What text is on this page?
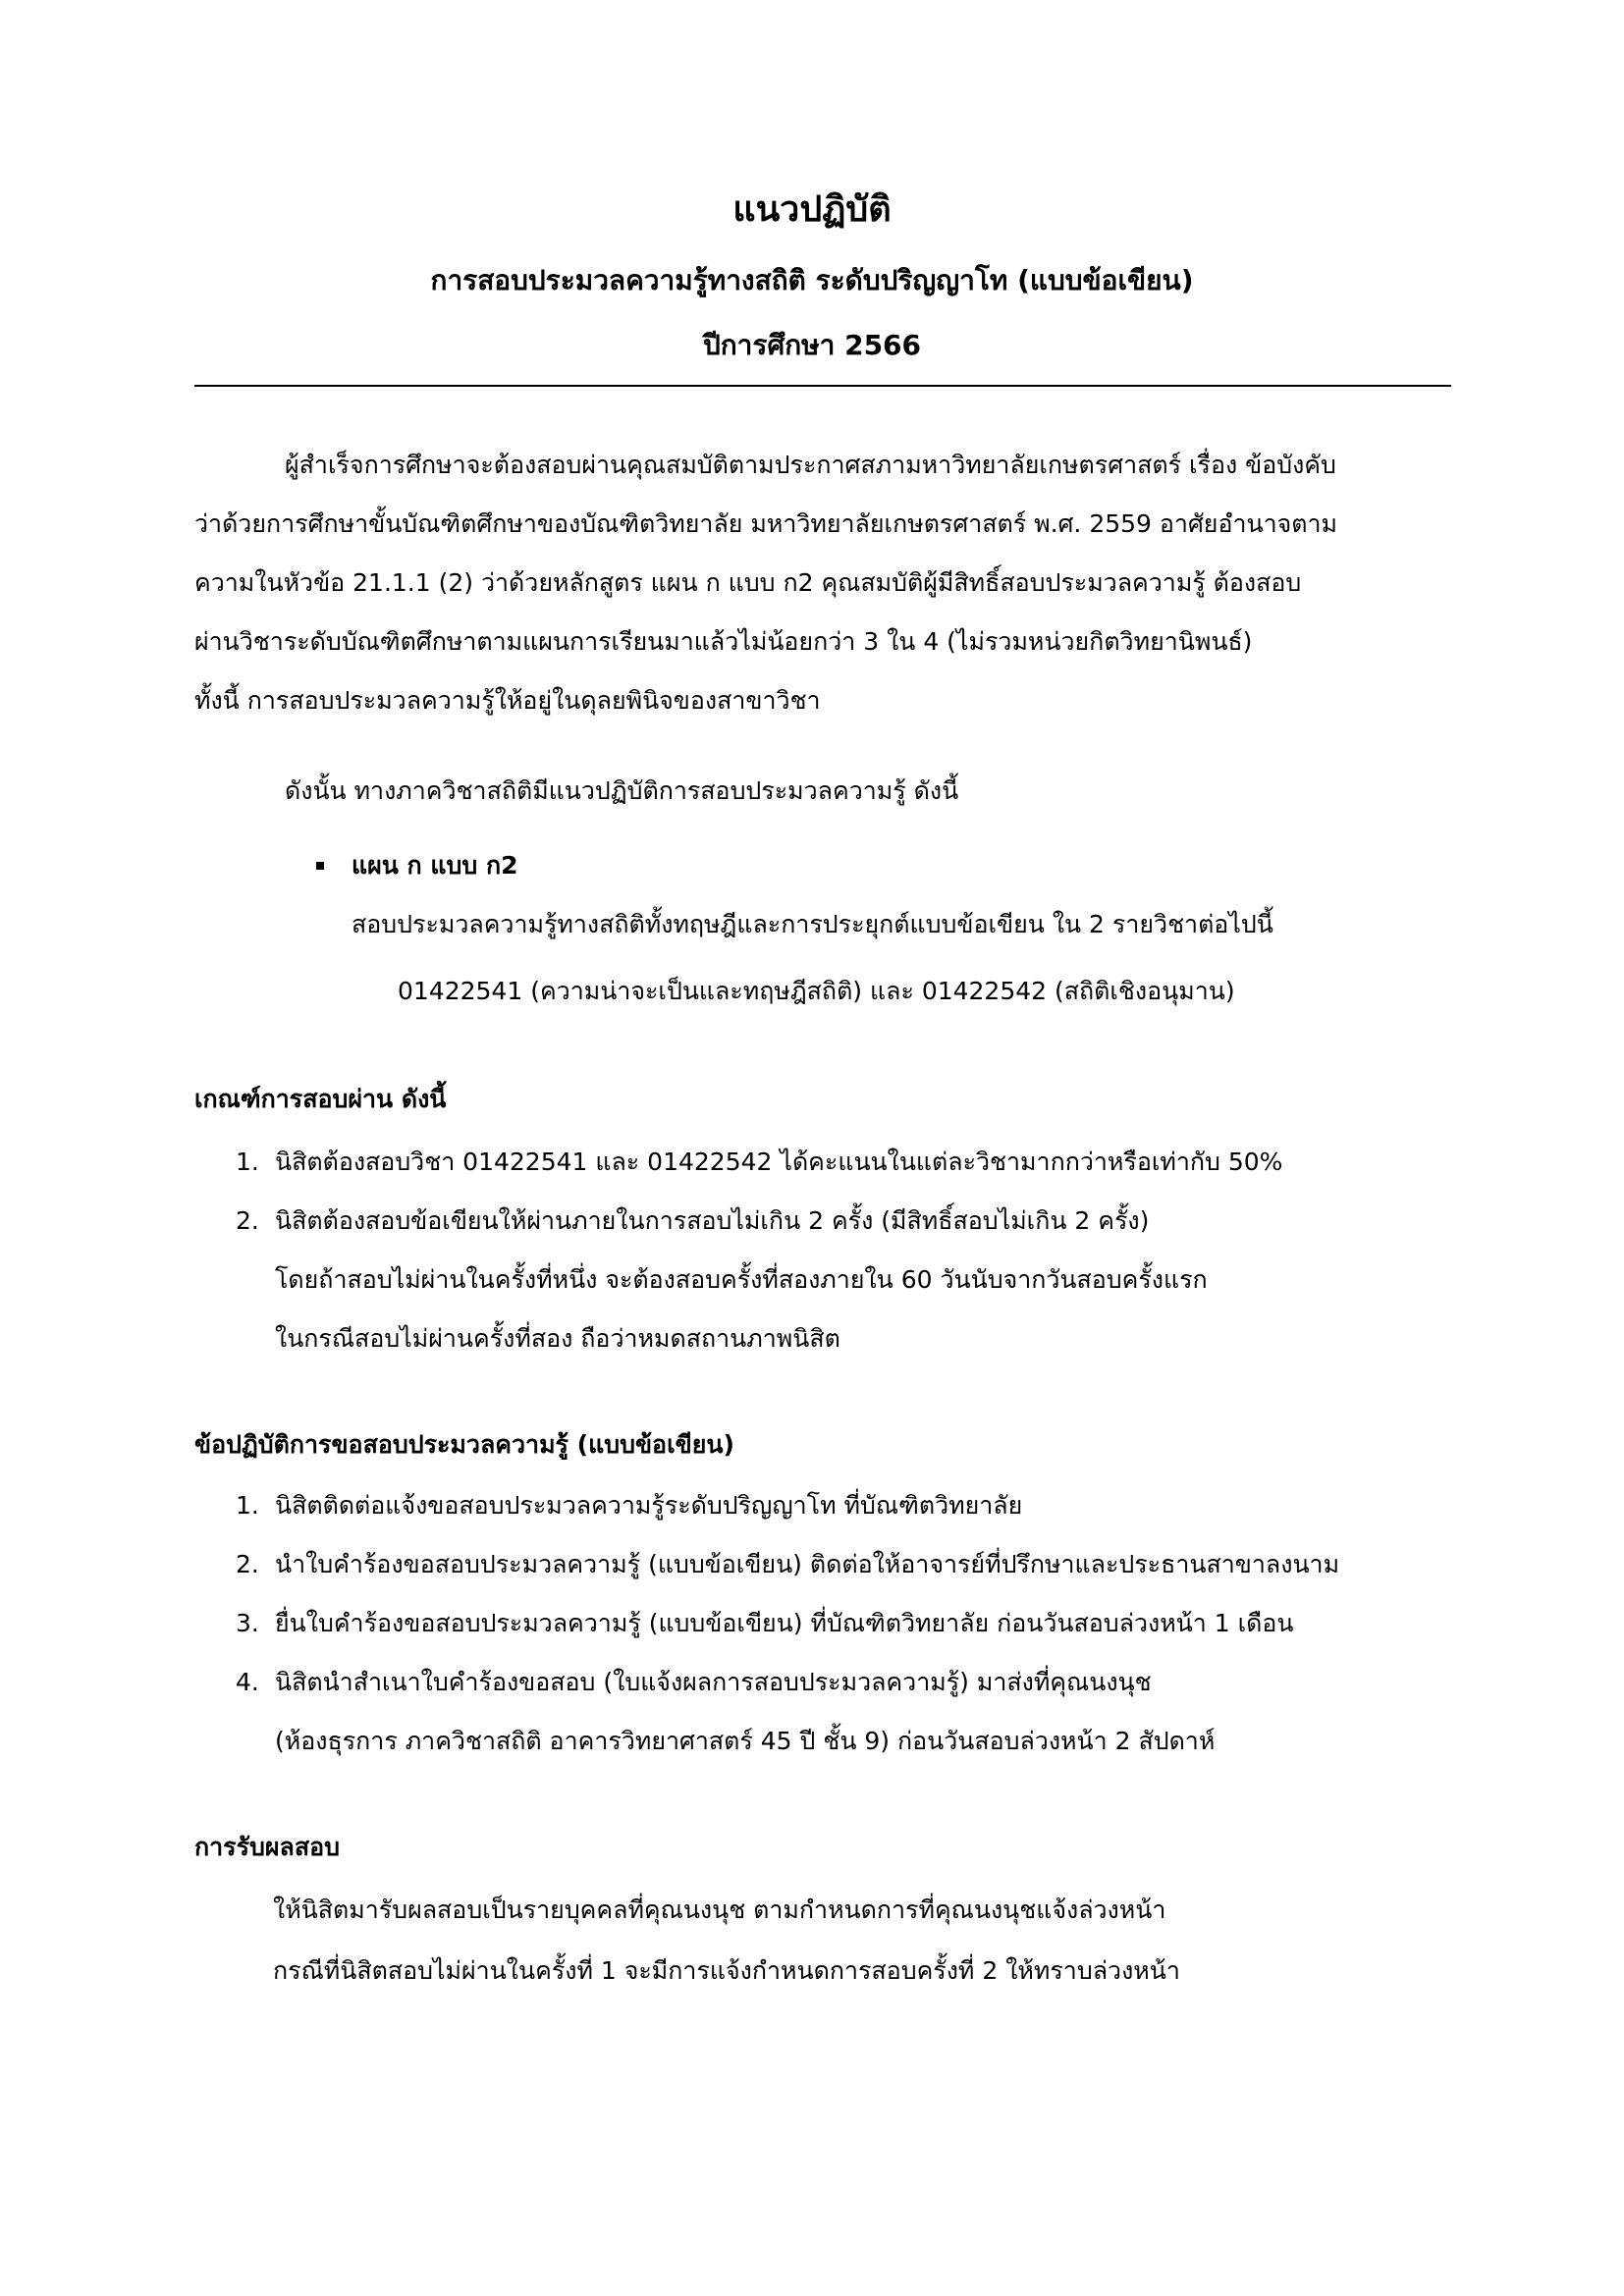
แนวปฏิบัติ
การสอบประมวลความรู้ทางสถิติ ระดับปริญญาโท (แบบข้อเขียน)
ปีการศึกษา 2566
ผู้สำเร็จการศึกษาจะต้องสอบผ่านคุณสมบัติตามประกาศสภามหาวิทยาลัยเกษตรศาสตร์ เรื่อง ข้อบังคับ
ว่าด้วยการศึกษาขั้นบัณฑิตศึกษาของบัณฑิตวิทยาลัย มหาวิทยาลัยเกษตรศาสตร์ พ.ศ. 2559 อาศัยอำนาจตาม
ความในหัวข้อ 21.1.1 (2) ว่าด้วยหลักสูตร แผน ก แบบ ก2 คุณสมบัติผู้มีสิทธิ์สอบประมวลความรู้ ต้องสอบ
ผ่านวิชาระดับบัณฑิตศึกษาตามแผนการเรียนมาแล้วไม่น้อยกว่า 3 ใน 4 (ไม่รวมหน่วยกิตวิทยานิพนธ์)
ทั้งนี้ การสอบประมวลความรู้ให้อยู่ในดุลยพินิจของสาขาวิชา
ดังนั้น ทางภาควิชาสถิติมีแนวปฏิบัติการสอบประมวลความรู้ ดังนี้
แผน ก แบบ ก2
สอบประมวลความรู้ทางสถิติทั้งทฤษฎีและการประยุกต์แบบข้อเขียน ใน 2 รายวิชาต่อไปนี้
01422541 (ความน่าจะเป็นและทฤษฎีสถิติ) และ 01422542 (สถิติเชิงอนุมาน)
เกณฑ์การสอบผ่าน ดังนี้
1. นิสิตต้องสอบวิชา 01422541 และ 01422542 ได้คะแนนในแต่ละวิชามากกว่าหรือเท่ากับ 50%
2. นิสิตต้องสอบข้อเขียนให้ผ่านภายในการสอบไม่เกิน 2 ครั้ง (มีสิทธิ์สอบไม่เกิน 2 ครั้ง)
โดยถ้าสอบไม่ผ่านในครั้งที่หนึ่ง จะต้องสอบครั้งที่สองภายใน 60 วันนับจากวันสอบครั้งแรก
ในกรณีสอบไม่ผ่านครั้งที่สอง ถือว่าหมดสถานภาพนิสิต
ข้อปฏิบัติการขอสอบประมวลความรู้ (แบบข้อเขียน)
1. นิสิตติดต่อแจ้งขอสอบประมวลความรู้ระดับปริญญาโท ที่บัณฑิตวิทยาลัย
2. นำใบคำร้องขอสอบประมวลความรู้ (แบบข้อเขียน) ติดต่อให้อาจารย์ที่ปรึกษาและประธานสาขาลงนาม
3. ยื่นใบคำร้องขอสอบประมวลความรู้ (แบบข้อเขียน) ที่บัณฑิตวิทยาลัย ก่อนวันสอบล่วงหน้า 1 เดือน
4. นิสิตนำสำเนาใบคำร้องขอสอบ (ใบแจ้งผลการสอบประมวลความรู้) มาส่งที่คุณนงนุช
(ห้องธุรการ ภาควิชาสถิติ อาคารวิทยาศาสตร์ 45 ปี ชั้น 9) ก่อนวันสอบล่วงหน้า 2 สัปดาห์
การรับผลสอบ
ให้นิสิตมารับผลสอบเป็นรายบุคคลที่คุณนงนุช ตามกำหนดการที่คุณนงนุชแจ้งล่วงหน้า
กรณีที่นิสิตสอบไม่ผ่านในครั้งที่ 1 จะมีการแจ้งกำหนดการสอบครั้งที่ 2 ให้ทราบล่วงหน้า
